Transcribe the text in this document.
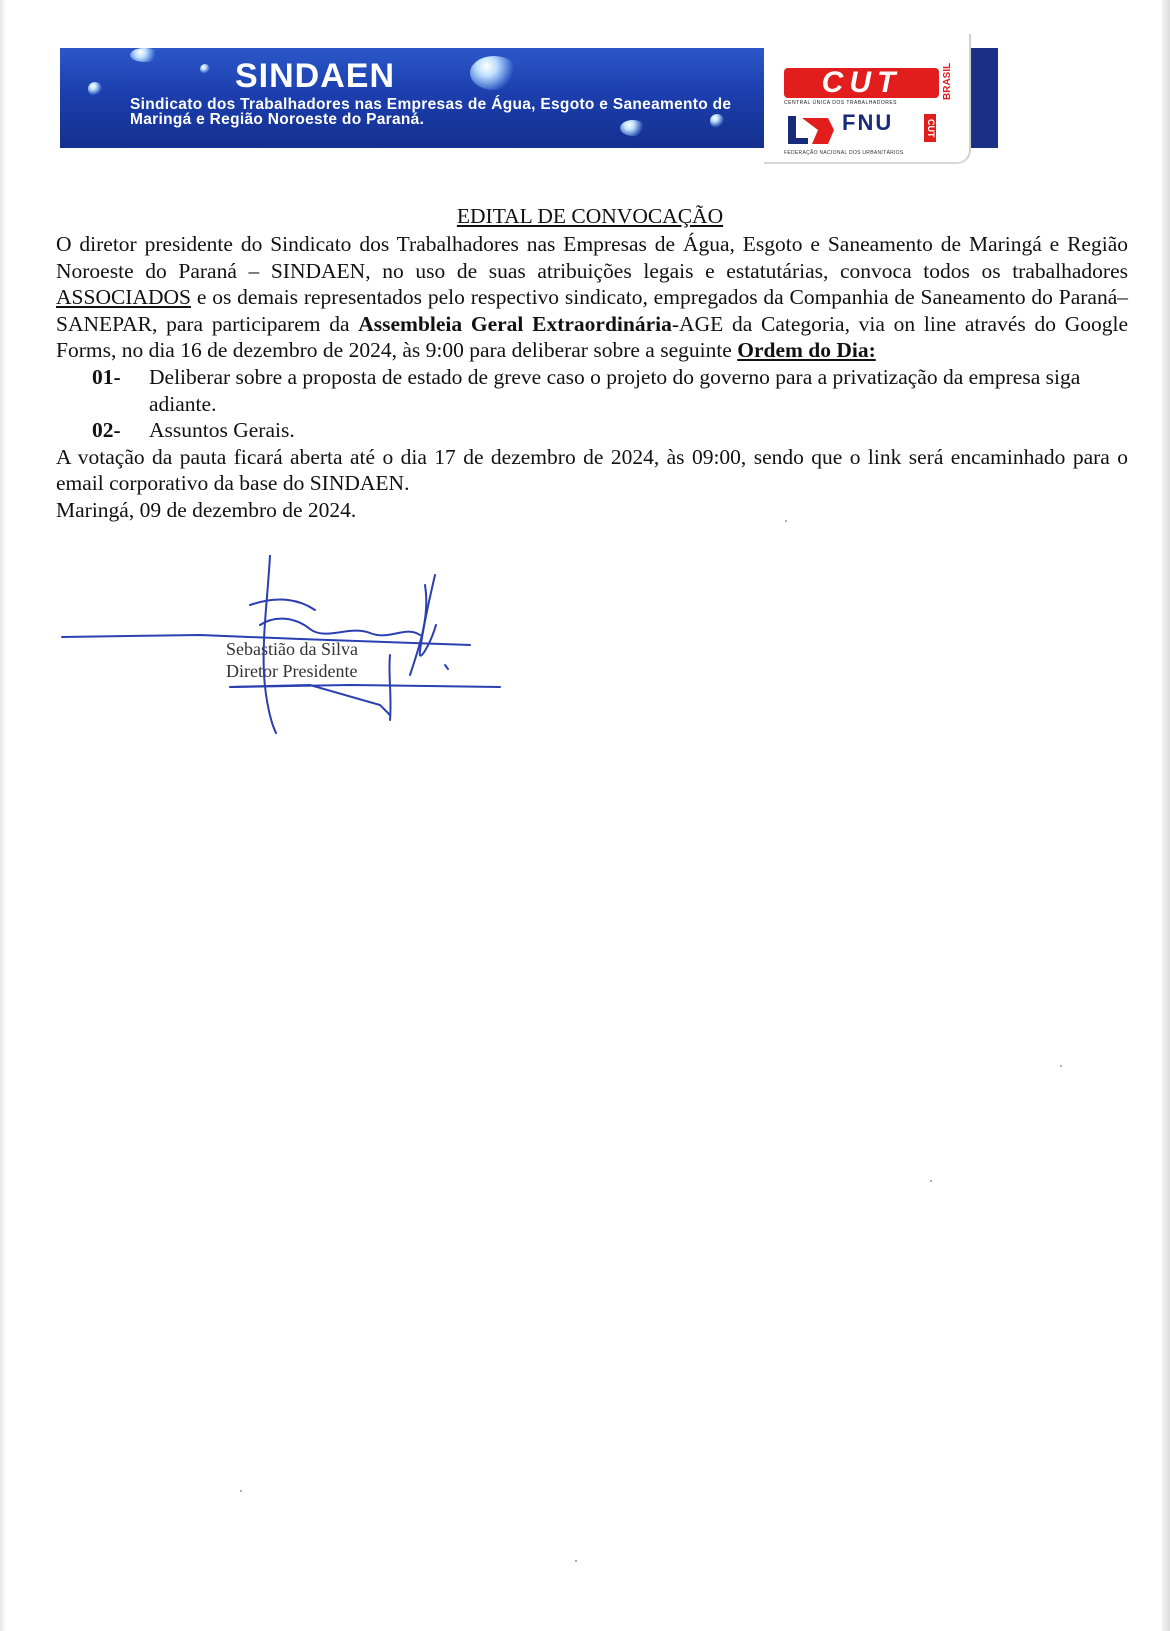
SINDAEN
Sindicato dos Trabalhadores nas Empresas de Água, Esgoto e Saneamento de Maringá e Região Noroeste do Paraná.
CUT	BRASIL
CENTRAL ÚNICA DOS TRABALHADORES
FNU	CUT
FEDERAÇÃO NACIONAL DOS URBANITÁRIOS
EDITAL DE CONVOCAÇÃO

O diretor presidente do Sindicato dos Trabalhadores nas Empresas de Água, Esgoto e Saneamento de Maringá e Região Noroeste do Paraná – SINDAEN, no uso de suas atribuições legais e estatutárias, convoca todos os trabalhadores ASSOCIADOS e os demais representados pelo respectivo sindicato, empregados da Companhia de Saneamento do Paraná–SANEPAR, para participarem da Assembleia Geral Extraordinária-AGE da Categoria, via on line através do Google Forms, no dia 16 de dezembro de 2024, às 9:00 para deliberar sobre a seguinte Ordem do Dia:

01- Deliberar sobre a proposta de estado de greve caso o projeto do governo para a privatização da empresa siga adiante.

02- Assuntos Gerais.

A votação da pauta ficará aberta até o dia 17 de dezembro de 2024, às 09:00, sendo que o link será encaminhado para o email corporativo da base do SINDAEN.

Maringá, 09 de dezembro de 2024.

Sebastião da Silva
Diretor Presidente
